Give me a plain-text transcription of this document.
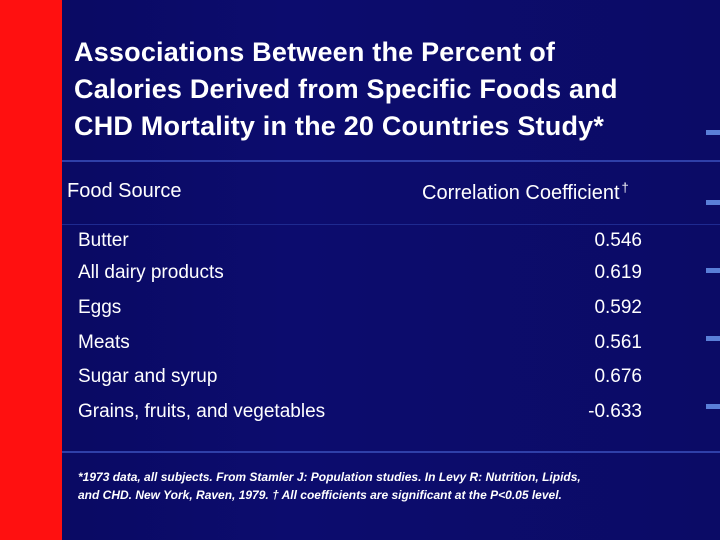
Associations Between the Percent of
Calories Derived from Specific Foods and
CHD Mortality in the 20 Countries Study*
Food Source	Correlation Coefficient †
Butter	0.546
All dairy products	0.619
Eggs	0.592
Meats	0.561
Sugar and syrup	0.676
Grains, fruits, and vegetables	-0.633
*1973 data, all subjects. From Stamler J: Population studies. In Levy R: Nutrition, Lipids,
and CHD. New York, Raven, 1979. † All coefficients are significant at the P<0.05 level.
